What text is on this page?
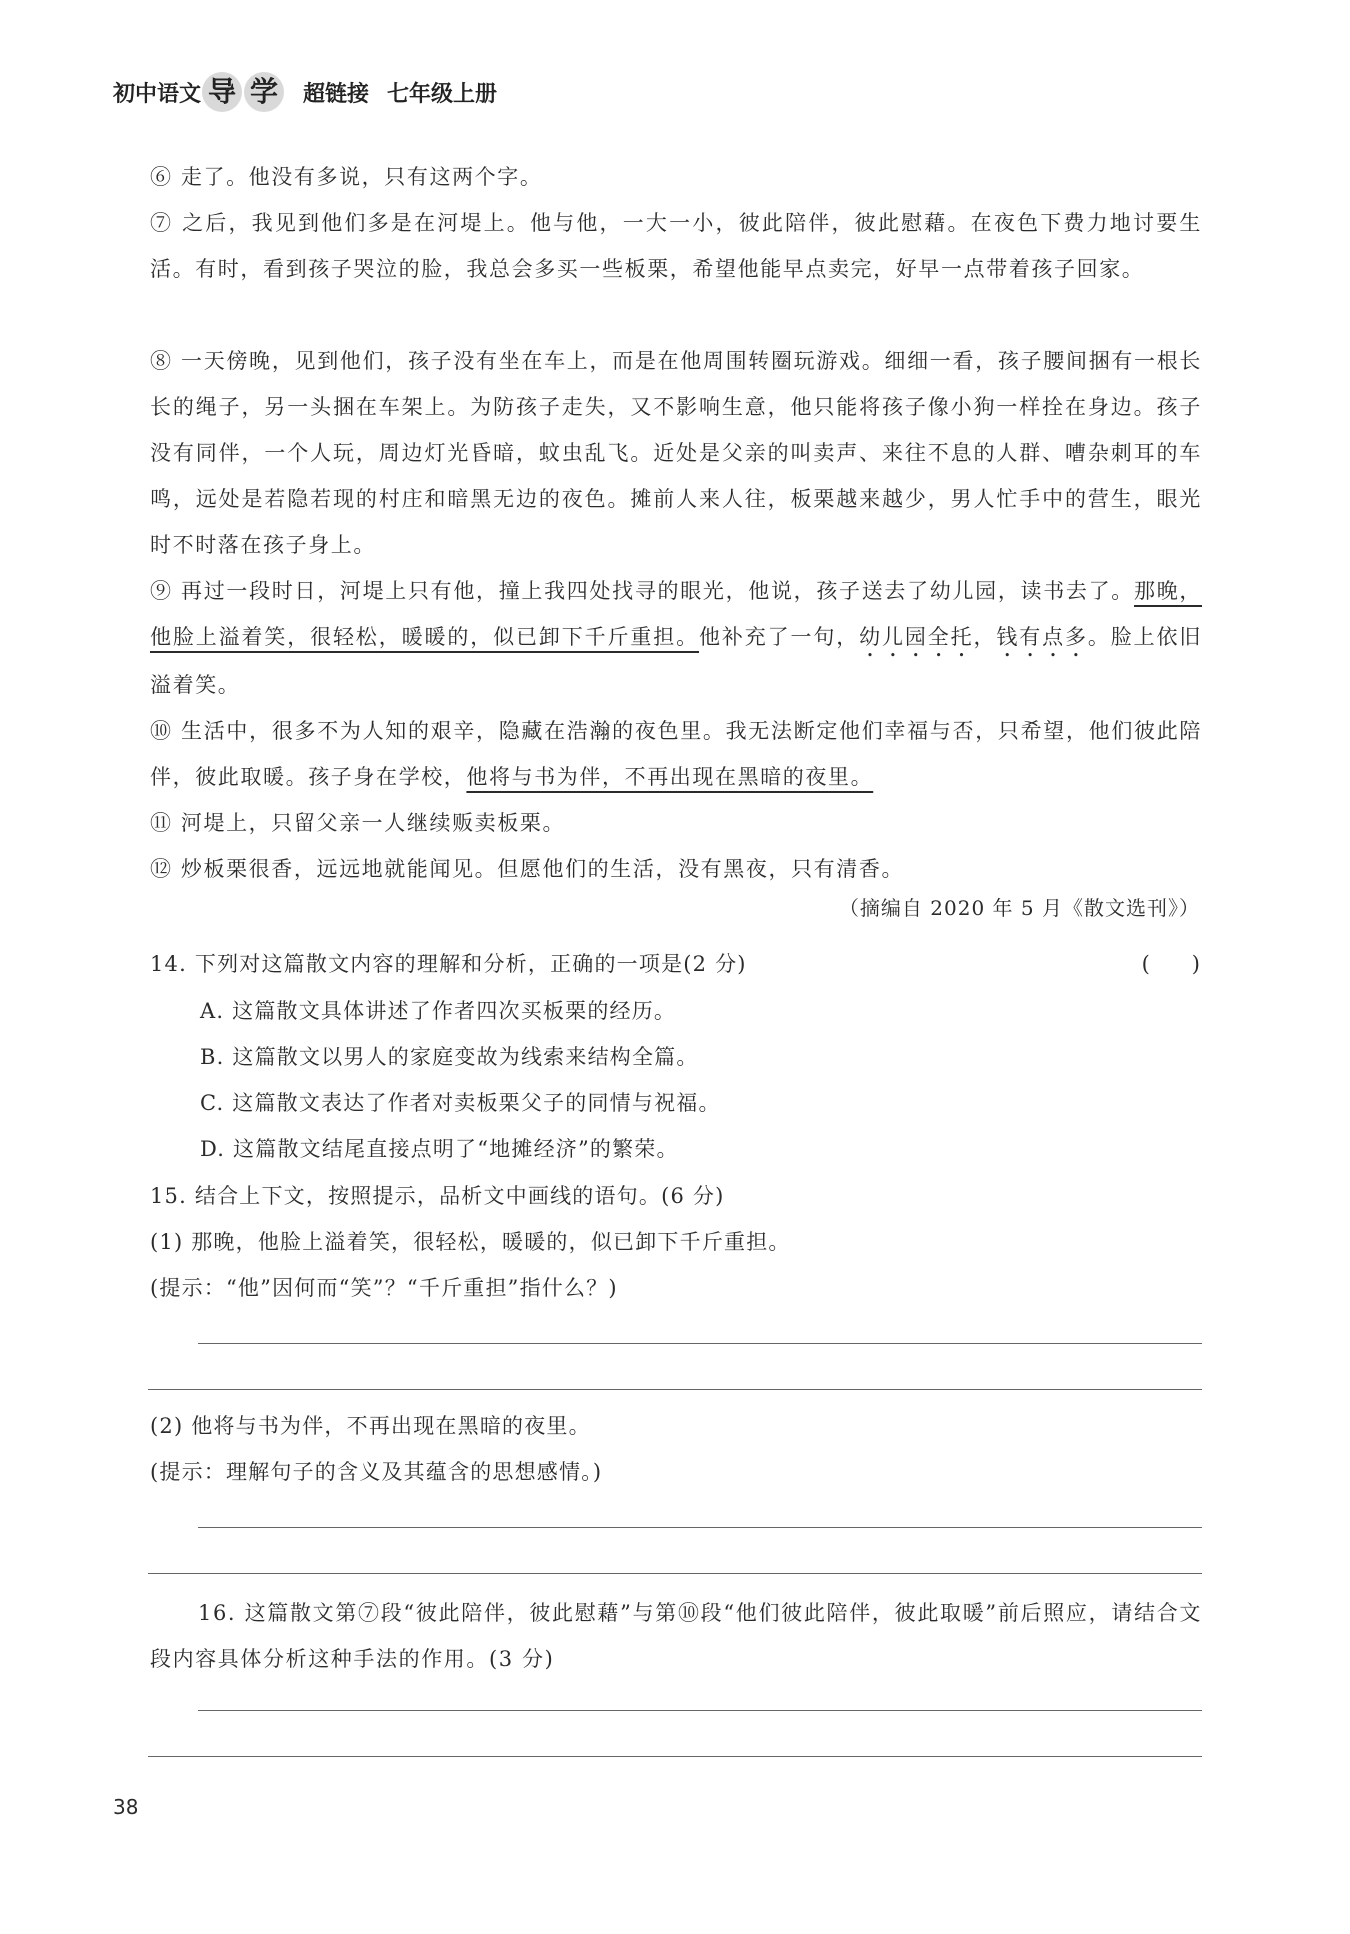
初中语文 导 学 超链接 七年级上册

⑥ 走了。他没有多说，只有这两个字。

⑦ 之后，我见到他们多是在河堤上。他与他，一大一小，彼此陪伴，彼此慰藉。在夜色下费力地讨要生活。有时，看到孩子哭泣的脸，我总会多买一些板栗，希望他能早点卖完，好早一点带着孩子回家。

⑧ 一天傍晚，见到他们，孩子没有坐在车上，而是在他周围转圈玩游戏。细细一看，孩子腰间捆有一根长长的绳子，另一头捆在车架上。为防孩子走失，又不影响生意，他只能将孩子像小狗一样拴在身边。孩子没有同伴，一个人玩，周边灯光昏暗，蚊虫乱飞。近处是父亲的叫卖声、来往不息的人群、嘈杂刺耳的车鸣，远处是若隐若现的村庄和暗黑无边的夜色。摊前人来人往，板栗越来越少，男人忙手中的营生，眼光时不时落在孩子身上。

⑨ 再过一段时日，河堤上只有他，撞上我四处找寻的眼光，他说，孩子送去了幼儿园，读书去了。那晚，他脸上溢着笑，很轻松，暖暖的，似已卸下千斤重担。他补充了一句，幼儿园全托，钱有点多。脸上依旧溢着笑。

⑩ 生活中，很多不为人知的艰辛，隐藏在浩瀚的夜色里。我无法断定他们幸福与否，只希望，他们彼此陪伴，彼此取暖。孩子身在学校，他将与书为伴，不再出现在黑暗的夜里。

⑪ 河堤上，只留父亲一人继续贩卖板栗。

⑫ 炒板栗很香，远远地就能闻见。但愿他们的生活，没有黑夜，只有清香。

（摘编自 2020 年 5 月《散文选刊》）
14. 下列对这篇散文内容的理解和分析，正确的一项是(2 分)	(　　)
A. 这篇散文具体讲述了作者四次买板栗的经历。
B. 这篇散文以男人的家庭变故为线索来结构全篇。
C. 这篇散文表达了作者对卖板栗父子的同情与祝福。
D. 这篇散文结尾直接点明了“地摊经济”的繁荣。
15. 结合上下文，按照提示，品析文中画线的语句。(6 分)
(1) 那晚，他脸上溢着笑，很轻松，暖暖的，似已卸下千斤重担。
(提示：“他”因何而“笑”？“千斤重担”指什么？)
(2) 他将与书为伴，不再出现在黑暗的夜里。
(提示：理解句子的含义及其蕴含的思想感情。)

16. 这篇散文第⑦段“彼此陪伴，彼此慰藉”与第⑩段“他们彼此陪伴，彼此取暖”前后照应，请结合文段内容具体分析这种手法的作用。(3 分)

38
